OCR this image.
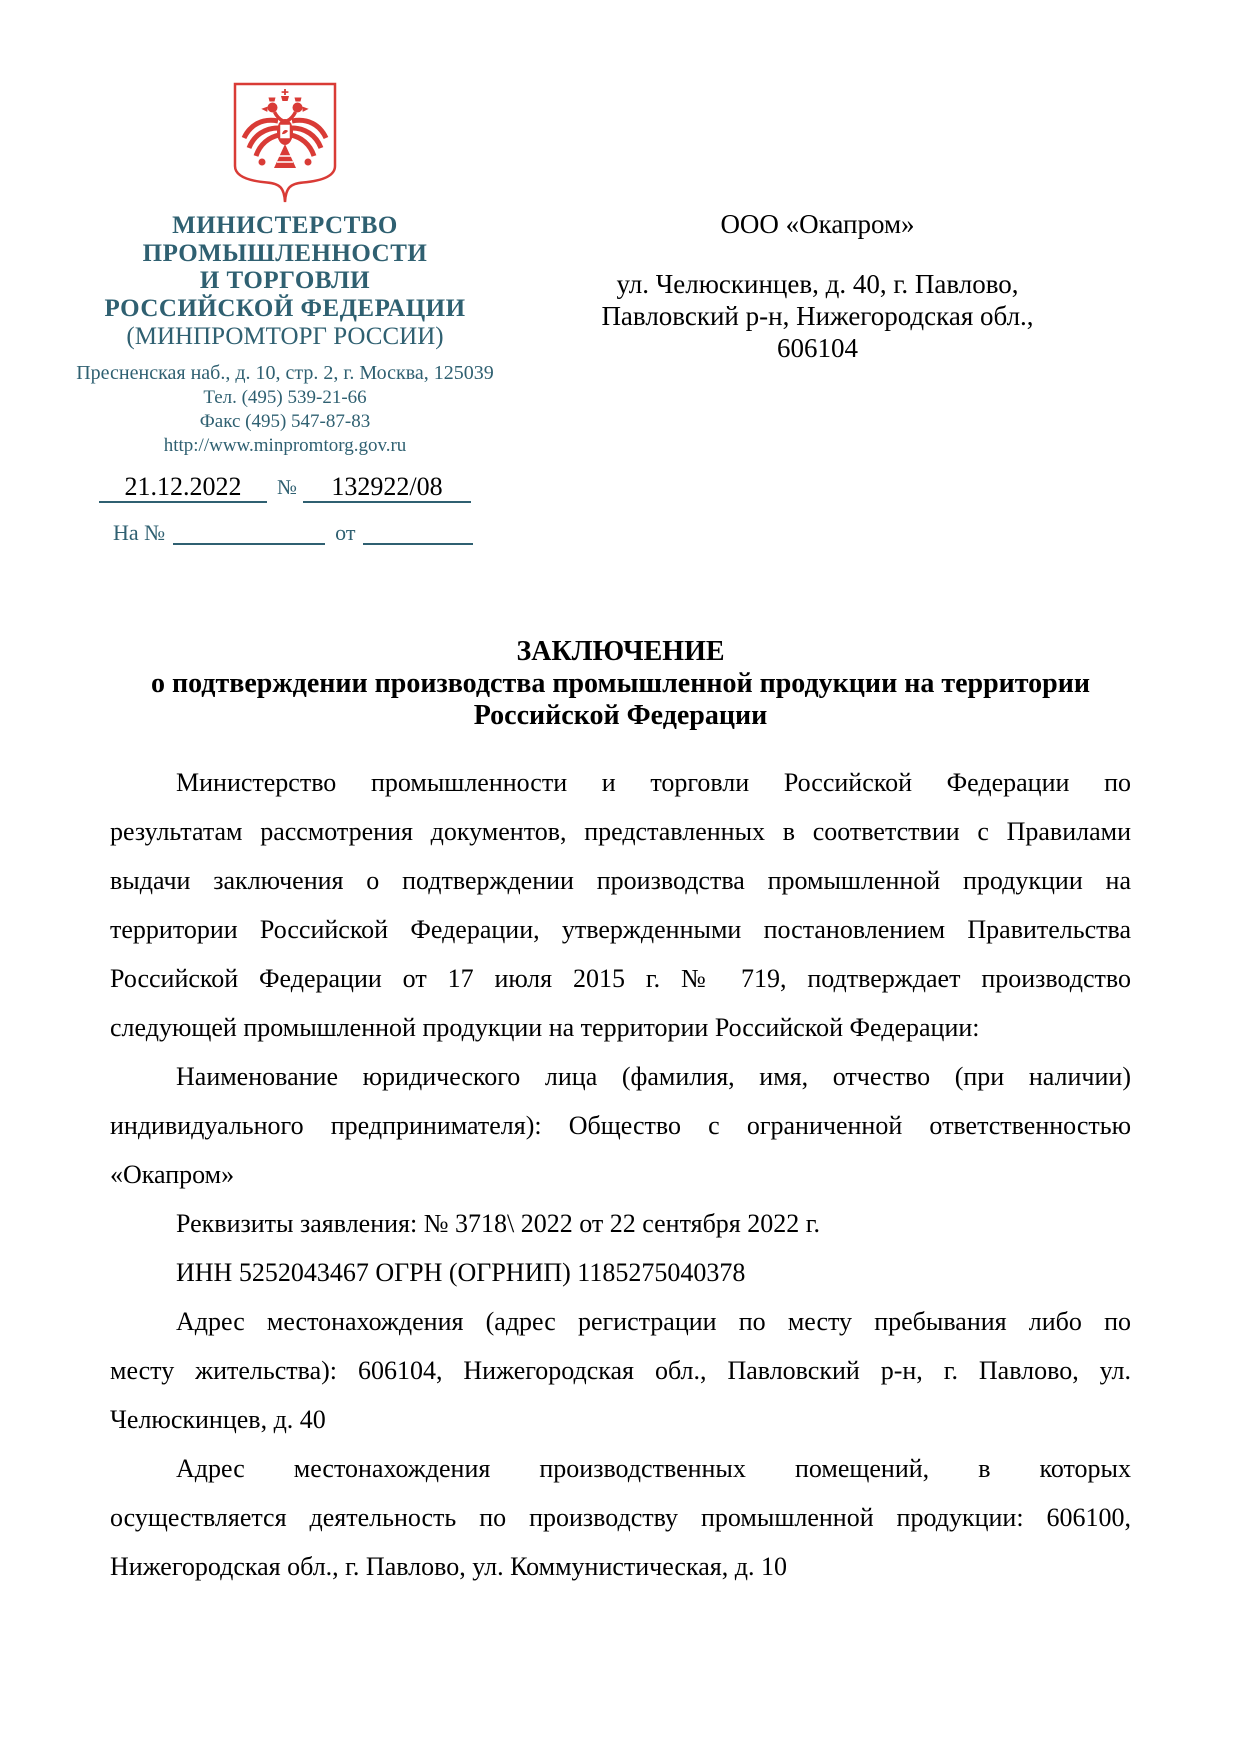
МИНИСТЕРСТВО
ПРОМЫШЛЕННОСТИ
И ТОРГОВЛИ
РОССИЙСКОЙ ФЕДЕРАЦИИ
(МИНПРОМТОРГ РОССИИ)
Пресненская наб., д. 10, стр. 2, г. Москва, 125039
Тел. (495) 539-21-66
Факс (495) 547-87-83
http://www.minpromtorg.gov.ru
21.12.2022	№	132922/08
На №	от
ООО «Окапром»
ул. Челюскинцев, д. 40, г. Павлово,
Павловский р-н, Нижегородская обл.,
606104
ЗАКЛЮЧЕНИЕ
о подтверждении производства промышленной продукции на территории
Российской Федерации

Министерство промышленности и торговли Российской Федерации по
результатам рассмотрения документов, представленных в соответствии с Правилами
выдачи заключения о подтверждении производства промышленной продукции на
территории Российской Федерации, утвержденными постановлением Правительства
Российской Федерации от 17 июля 2015 г. № 719, подтверждает производство
следующей промышленной продукции на территории Российской Федерации:

Наименование юридического лица (фамилия, имя, отчество (при наличии)
индивидуального предпринимателя): Общество с ограниченной ответственностью
«Окапром»

Реквизиты заявления: № 3718\ 2022 от 22 сентября 2022 г.

ИНН 5252043467 ОГРН (ОГРНИП) 1185275040378

Адрес местонахождения (адрес регистрации по месту пребывания либо по
месту жительства): 606104, Нижегородская обл., Павловский р-н, г. Павлово, ул.
Челюскинцев, д. 40

Адрес местонахождения производственных помещений, в которых
осуществляется деятельность по производству промышленной продукции: 606100,
Нижегородская обл., г. Павлово, ул. Коммунистическая, д. 10
